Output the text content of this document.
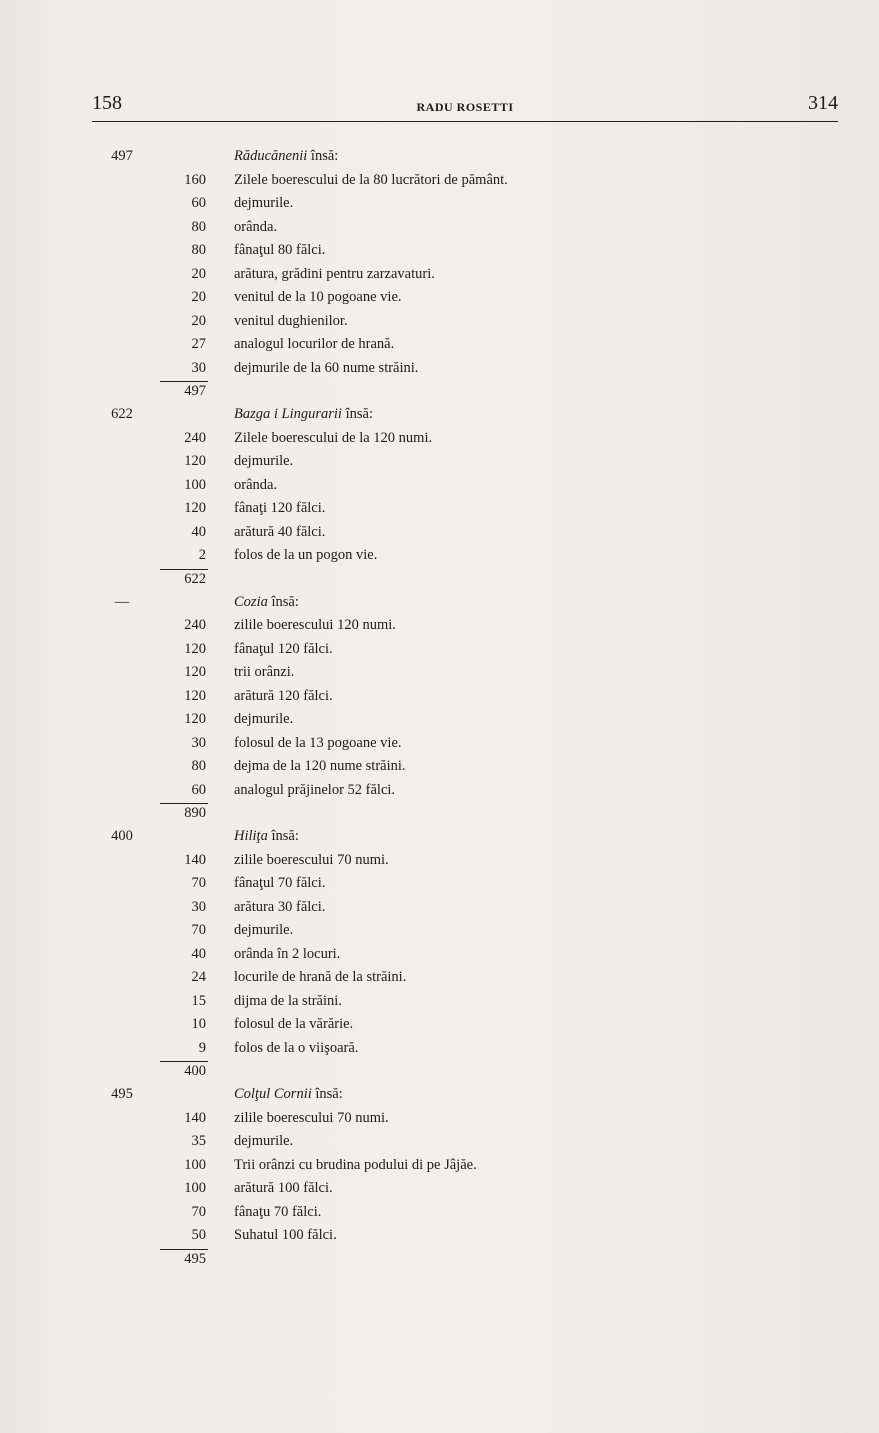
158	RADU ROSETTI	314
497	Răducănenii însă:
160 Zilele boerescului de la 80 lucrători de pământ.
60 dejmurile.
80 orânda.
80 fânaţul 80 fălci.
20 arătura, grădini pentru zarzavaturi.
20 venitul de la 10 pogoane vie.
20 venitul dughienilor.
27 analogul locurilor de hrană.
30 dejmurile de la 60 nume străini.
497
622	Bazga i Lingurarii însă:
240 Zilele boerescului de la 120 numi.
120 dejmurile.
100 orânda.
120 fânaţi 120 fălci.
40 arătură 40 fălci.
2 folos de la un pogon vie.
622
—	Cozia însă:
240 zilile boerescului 120 numi.
120 fânaţul 120 fălci.
120 trii orânzi.
120 arătură 120 fălci.
120 dejmurile.
30 folosul de la 13 pogoane vie.
80 dejma de la 120 nume străini.
60 analogul prăjinelor 52 fălci.
890
400	Hiliţa însă:
140 zilile boerescului 70 numi.
70 fânaţul 70 fălci.
30 arătura 30 fălci.
70 dejmurile.
40 orânda în 2 locuri.
24 locurile de hrană de la străini.
15 dijma de la străini.
10 folosul de la vărărie.
9 folos de la o viişoară.
400
495	Colţul Cornii însă:
140 zilile boerescului 70 numi.
35 dejmurile.
100 Trii orânzi cu brudina podului di pe Jâjăe.
100 arătură 100 fălci.
70 fânaţu 70 fălci.
50 Suhatul 100 fălci.
495
